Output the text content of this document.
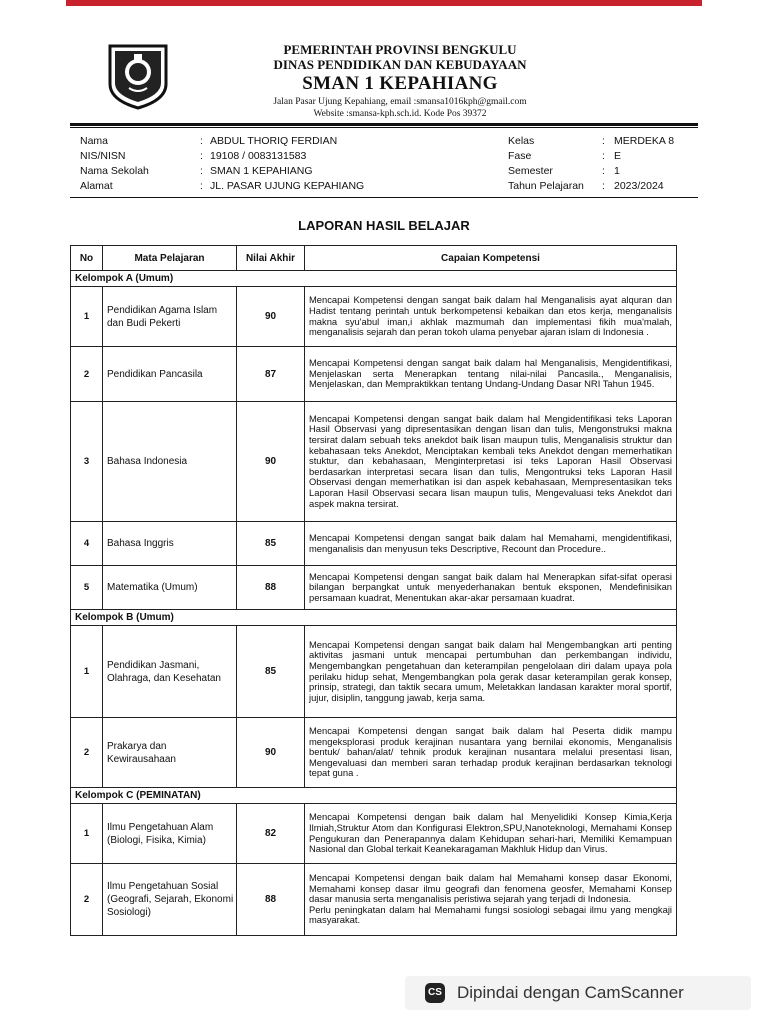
PEMERINTAH PROVINSI BENGKULU
DINAS PENDIDIKAN DAN KEBUDAYAAN
SMAN 1 KEPAHIANG
Jalan Pasar Ujung Kepahiang, email :smansa1016kph@gmail.com
Website :smansa-kph.sch.id. Kode Pos 39372
Nama	: ABDUL THORIQ FERDIAN
NIS/NISN	: 19108 / 0083131583
Nama Sekolah	: SMAN 1 KEPAHIANG
Alamat	: JL. PASAR UJUNG KEPAHIANG
Kelas	: MERDEKA 8
Fase	: E
Semester	: 1
Tahun Pelajaran	: 2023/2024
LAPORAN HASIL BELAJAR
No	Mata Pelajaran	Nilai Akhir	Capaian Kompetensi
Kelompok A (Umum)			
1	Pendidikan Agama Islam dan Budi Pekerti	90	Mencapai Kompetensi dengan sangat baik dalam hal Menganalisis ayat alquran dan Hadist tentang perintah untuk berkompetensi kebaikan dan etos kerja, menganalisis makna syu'abul iman,i akhlak mazmumah dan implementasi fikih mua'malah, menganalisis sejarah dan peran tokoh ulama penyebar ajaran islam di Indonesia .
2	Pendidikan Pancasila	87	Mencapai Kompetensi dengan sangat baik dalam hal Menganalisis, Mengidentifikasi, Menjelaskan serta Menerapkan tentang nilai-nilai Pancasila., Menganalisis, Menjelaskan, dan Mempraktikkan tentang Undang-Undang Dasar NRI Tahun 1945.
3	Bahasa Indonesia	90	Mencapai Kompetensi dengan sangat baik dalam hal Mengidentifikasi teks Laporan Hasil Observasi yang dipresentasikan dengan lisan dan tulis, Mengonstruksi makna tersirat dalam sebuah teks anekdot baik lisan maupun tulis, Menganalisis struktur dan kebahasaan teks Anekdot, Menciptakan kembali teks Anekdot dengan memerhatikan stuktur, dan kebahasaan, Menginterpretasi isi teks Laporan Hasil Observasi berdasarkan interpretasi secara lisan dan tulis, Mengontruksi teks Laporan Hasil Observasi dengan memerhatikan isi dan aspek kebahasaan, Mempresentasikan teks Laporan Hasil Observasi secara lisan maupun tulis, Mengevaluasi teks Anekdot dari aspek makna tersirat.
4	Bahasa Inggris	85	Mencapai Kompetensi dengan sangat baik dalam hal Memahami, mengidentifikasi, menganalisis dan menyusun teks Descriptive, Recount dan Procedure..
5	Matematika (Umum)	88	Mencapai Kompetensi dengan sangat baik dalam hal Menerapkan sifat-sifat operasi bilangan berpangkat untuk menyederhanakan bentuk eksponen, Mendefinisikan persamaan kuadrat, Menentukan akar-akar persamaan kuadrat.
Kelompok B (Umum)			
1	Pendidikan Jasmani, Olahraga, dan Kesehatan	85	Mencapai Kompetensi dengan sangat baik dalam hal Mengembangkan arti penting aktivitas jasmani untuk mencapai pertumbuhan dan perkembangan individu, Mengembangkan pengetahuan dan keterampilan pengelolaan diri dalam upaya pola perilaku hidup sehat, Mengembangkan pola gerak dasar keterampilan gerak konsep, prinsip, strategi, dan taktik secara umum, Meletakkan landasan karakter moral sportif, jujur, disiplin, tanggung jawab, kerja sama.
2	Prakarya dan Kewirausahaan	90	Mencapai Kompetensi dengan sangat baik dalam hal Peserta didik mampu mengeksplorasi produk kerajinan nusantara yang bernilai ekonomis, Menganalisis bentuk/ bahan/alat/ tehnik produk kerajinan nusantara melalui presentasi lisan, Mengevaluasi dan memberi saran terhadap produk kerajinan berdasarkan teknologi tepat guna .
Kelompok C (PEMINATAN)			
1	Ilmu Pengetahuan Alam (Biologi, Fisika, Kimia)	82	Mencapai Kompetensi dengan baik dalam hal Menyelidiki Konsep Kimia,Kerja Ilmiah,Struktur Atom dan Konfigurasi Elektron,SPU,Nanoteknologi, Memahami Konsep Pengukuran dan Penerapannya dalam Kehidupan sehari-hari, Memiliki Kemampuan Nasional dan Global terkait Keanekaragaman Makhluk Hidup dan Virus.
2	Ilmu Pengetahuan Sosial (Geografi, Sejarah, Ekonomi Sosiologi)	88	Mencapai Kompetensi dengan baik dalam hal Memahami konsep dasar Ekonomi, Memahami konsep dasar ilmu geografi dan fenomena geosfer, Memahami Konsep dasar manusia serta menganalisis peristiwa sejarah yang terjadi di Indonesia.
Perlu peningkatan dalam hal Memahami fungsi sosiologi sebagai ilmu yang mengkaji masyarakat.
CS Dipindai dengan CamScanner
